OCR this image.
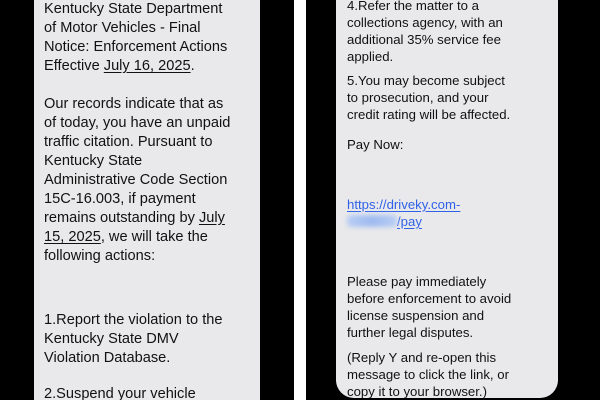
Kentucky State Department
of Motor Vehicles - Final
Notice: Enforcement Actions
Effective July 16, 2025.
Our records indicate that as
of today, you have an unpaid
traffic citation. Pursuant to
Kentucky State
Administrative Code Section
15C-16.003, if payment
remains outstanding by July
15, 2025, we will take the
following actions:
1.Report the violation to the
Kentucky State DMV
Violation Database.
2.Suspend your vehicle
4.Refer the matter to a
collections agency, with an
additional 35% service fee
applied.
5.You may become subject
to prosecution, and your
credit rating will be affected.
Pay Now:
https://driveky.com-
/pay
Please pay immediately
before enforcement to avoid
license suspension and
further legal disputes.
(Reply Y and re-open this
message to click the link, or
copy it to your browser.)
